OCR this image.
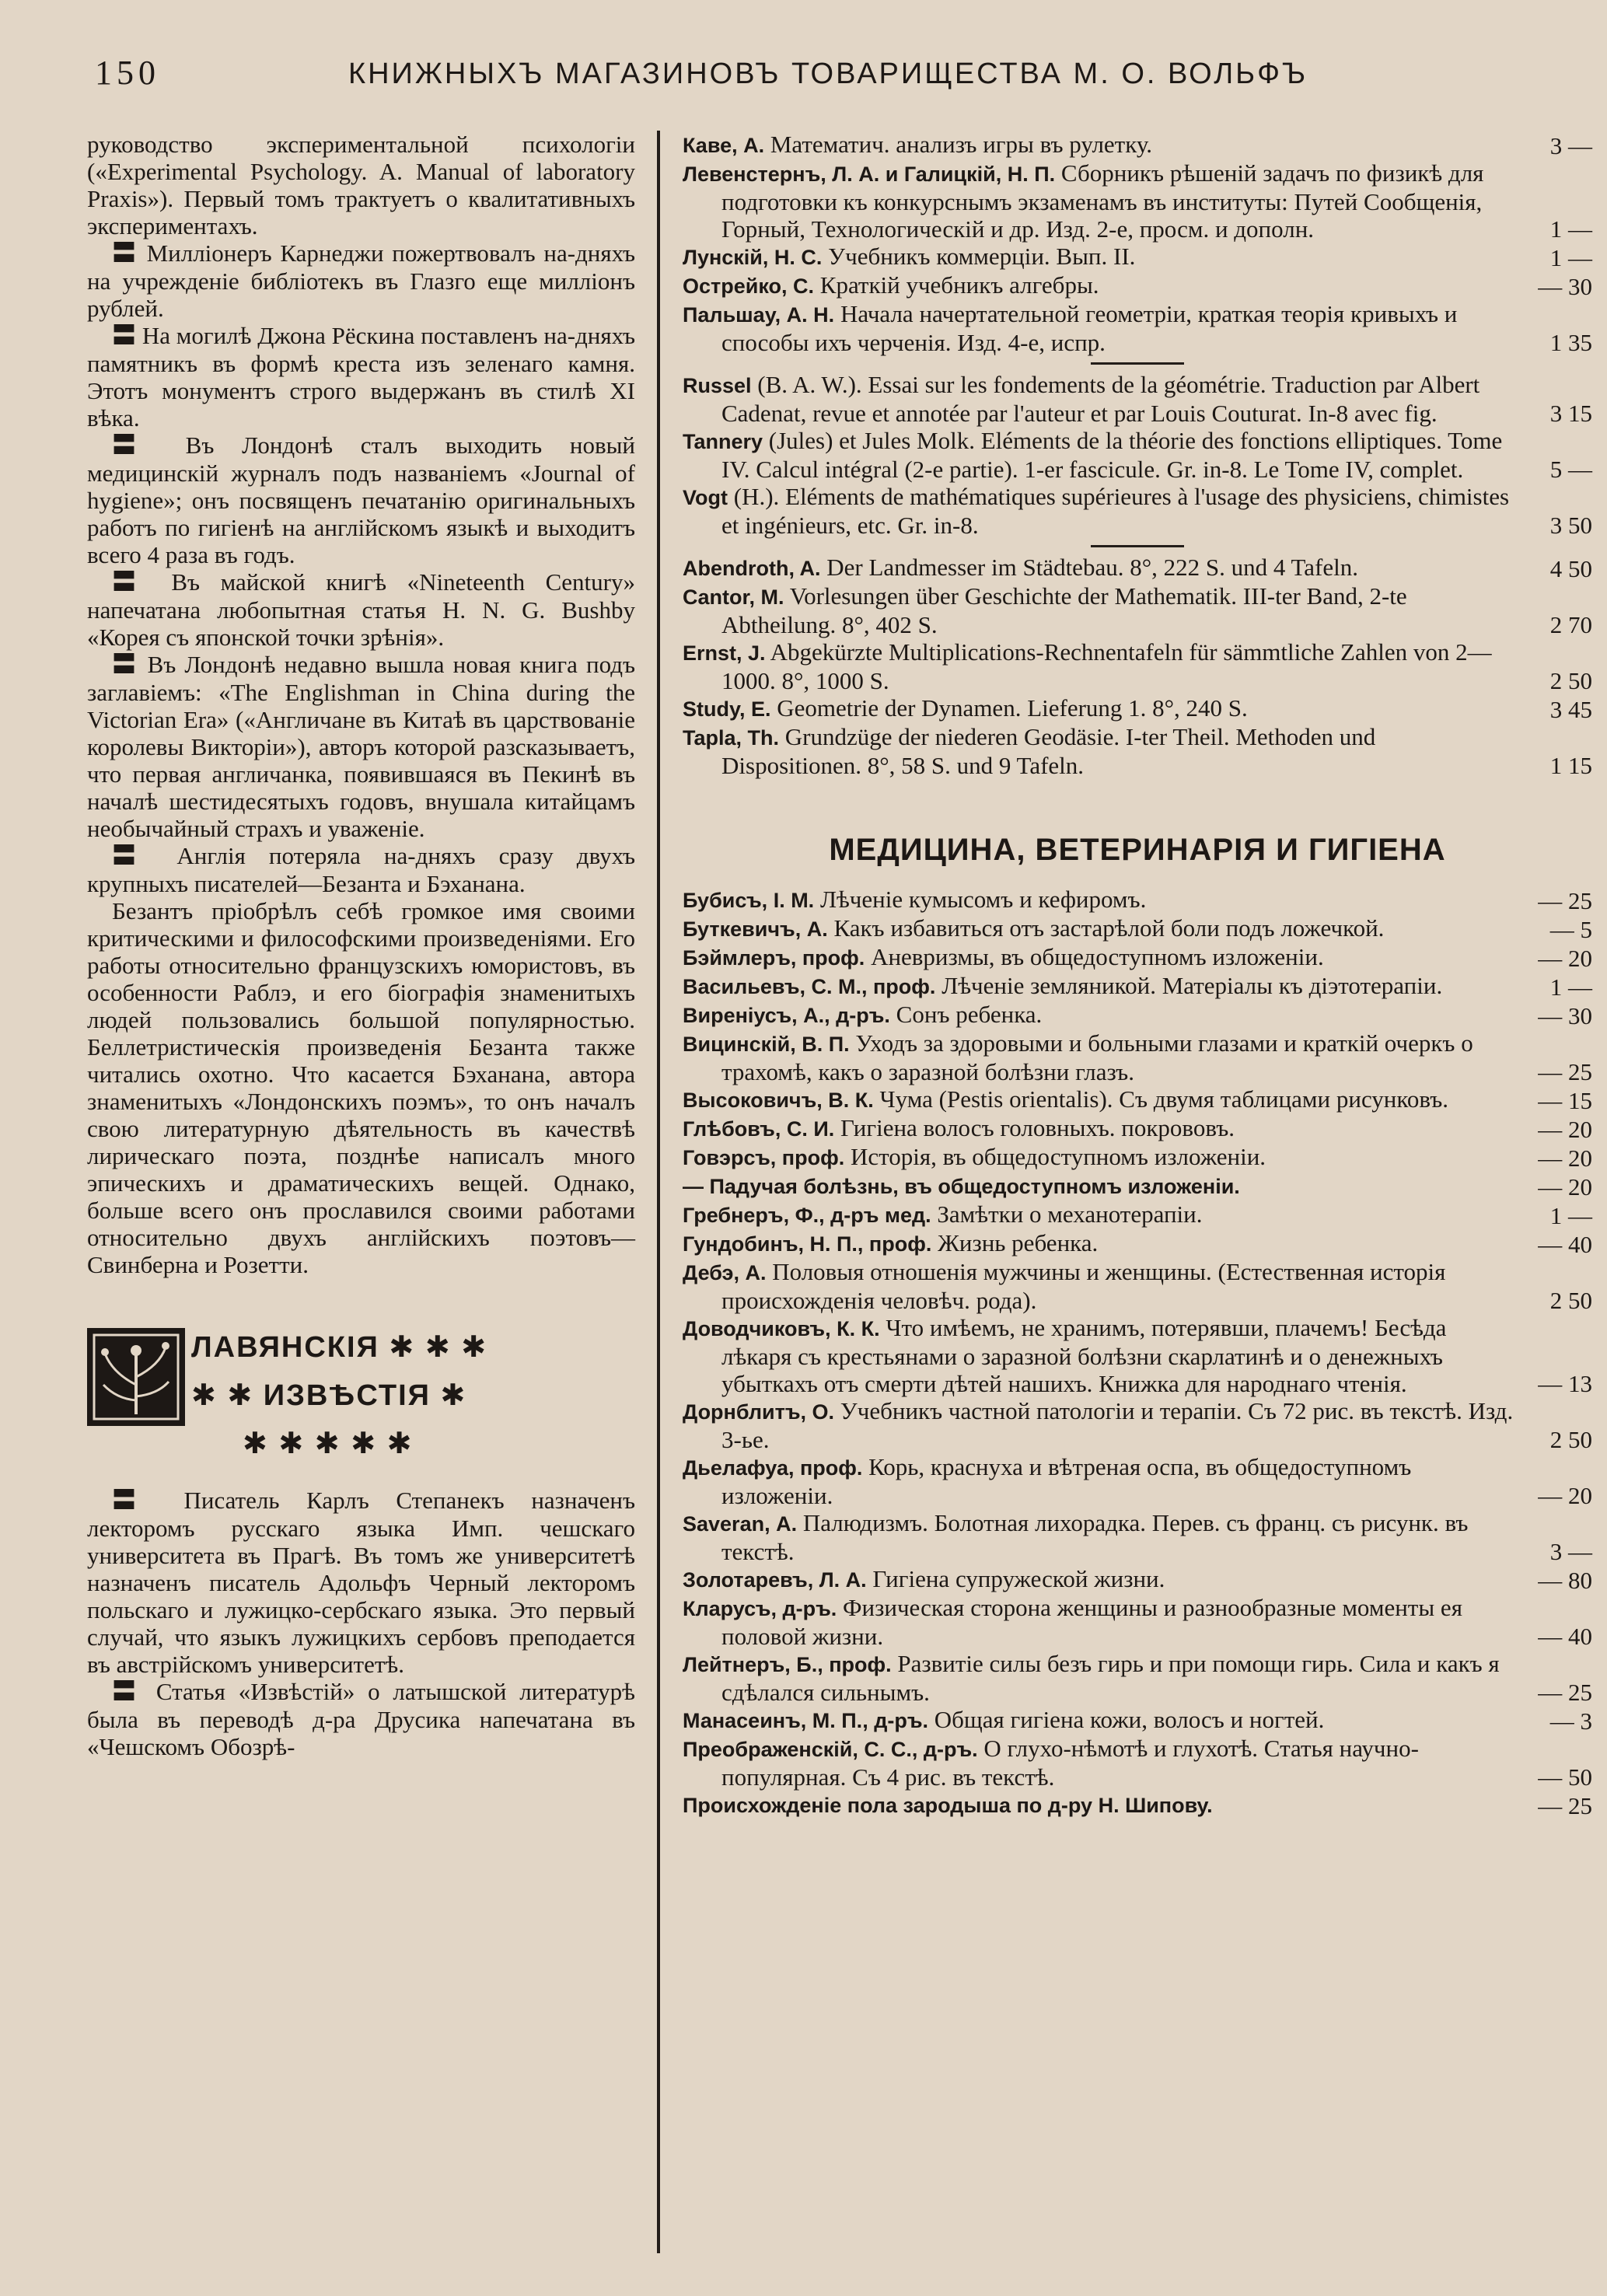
150	КНИЖНЫХЪ МАГАЗИНОВЪ ТОВАРИЩЕСТВА М. О. ВОЛЬФЪ

руководство экспериментальной психологіи («Experimental Psychology. A. Manual of laboratory Praxis»). Первый томъ трактуетъ о квалитативныхъ экспериментахъ.

〓 Милліонеръ Карнеджи пожертвовалъ на-дняхъ на учрежденіе библіотекъ въ Глазго еще милліонъ рублей.

〓 На могилѣ Джона Рёскина поставленъ на-дняхъ памятникъ въ формѣ креста изъ зеленаго камня. Этотъ монументъ строго выдержанъ въ стилѣ XI вѣка.

〓 Въ Лондонѣ сталъ выходить новый медицинскій журналъ подъ названіемъ «Journal of hygiene»; онъ посвященъ печатанію оригинальныхъ работъ по гигіенѣ на англійскомъ языкѣ и выходитъ всего 4 раза въ годъ.

〓 Въ майской книгѣ «Nineteenth Century» напечатана любопытная статья H. N. G. Bushby «Корея съ японской точки зрѣнія».

〓 Въ Лондонѣ недавно вышла новая книга подъ заглавіемъ: «The Englishman in China during the Victorian Era» («Англичане въ Китаѣ въ царствованіе королевы Викторіи»), авторъ которой разсказываетъ, что первая англичанка, появившаяся въ Пекинѣ въ началѣ шестидесятыхъ годовъ, внушала китайцамъ необычайный страхъ и уваженіе.

〓 Англія потеряла на-дняхъ сразу двухъ крупныхъ писателей—Безанта и Бэханана.

Безантъ пріобрѣлъ себѣ громкое имя своими критическими и философскими произведеніями. Его работы относительно французскихъ юмористовъ, въ особенности Раблэ, и его біографія знаменитыхъ людей пользовались большой популярностью. Беллетристическія произведенія Безанта также читались охотно. Что касается Бэханана, автора знаменитыхъ «Лондонскихъ поэмъ», то онъ началъ свою литературную дѣятельность въ качествѣ лирическаго поэта, позднѣе написалъ много эпическихъ и драматическихъ вещей. Однако, больше всего онъ прославился своими работами относительно двухъ англійскихъ поэтовъ—Свинберна и Розетти.

ЛАВЯНСКІЯ ✱ ✱ ✱
✱ ✱ ИЗВѢСТІЯ ✱
✱ ✱ ✱ ✱ ✱

〓 Писатель Карлъ Степанекъ назначенъ лекторомъ русскаго языка Имп. чешскаго университета въ Прагѣ. Въ томъ же университетѣ назначенъ писатель Адольфъ Черный лекторомъ польскаго и лужицко-сербскаго языка. Это первый случай, что языкъ лужицкихъ сербовъ преподается въ австрійскомъ университетѣ.

〓 Статья «Извѣстій» о латышской литературѣ была въ переводѣ д-ра Друсика напечатана въ «Чешскомъ Обозрѣ-

Каве, А. Математич. анализъ игры въ рулетку.	3 —
Левенстернъ, Л. А. и Галицкій, Н. П. Сборникъ рѣшеній задачъ по физикѣ для подготовки къ конкурснымъ экзаменамъ въ институты: Путей Сообщенія, Горный, Технологическій и др. Изд. 2-е, просм. и дополн.	1 —
Лунскій, Н. С. Учебникъ коммерціи. Вып. II.	1 —
Острейко, С. Краткій учебникъ алгебры.	— 30
Пальшау, А. Н. Начала начертательной геометріи, краткая теорія кривыхъ и способы ихъ черченія. Изд. 4-е, испр.	1 35
Russel (B. A. W.). Essai sur les fondements de la géométrie. Traduction par Albert Cadenat, revue et annotée par l'auteur et par Louis Couturat. In-8 avec fig.	3 15
Tannery (Jules) et Jules Molk. Eléments de la théorie des fonctions elliptiques. Tome IV. Calcul intégral (2-e partie). 1-er fascicule. Gr. in-8. Le Tome IV, complet.	5 —
Vogt (H.). Eléments de mathématiques supérieures à l'usage des physiciens, chimistes et ingénieurs, etc. Gr. in-8.	3 50
Abendroth, A. Der Landmesser im Städtebau. 8°, 222 S. und 4 Tafeln.	4 50
Cantor, M. Vorlesungen über Geschichte der Mathematik. III-ter Band, 2-te Abtheilung. 8°, 402 S.	2 70
Ernst, J. Abgekürzte Multiplications-Rechnentafeln für sämmtliche Zahlen von 2—1000. 8°, 1000 S.	2 50
Study, E. Geometrie der Dynamen. Lieferung 1. 8°, 240 S.	3 45
Tapla, Th. Grundzüge der niederen Geodäsie. I-ter Theil. Methoden und Dispositionen. 8°, 58 S. und 9 Tafeln.	1 15
МЕДИЦИНА, ВЕТЕРИНАРІЯ И ГИГІЕНА
Бубисъ, I. M. Лѣченіе кумысомъ и кефиромъ.	— 25
Буткевичъ, А. Какъ избавиться отъ застарѣлой боли подъ ложечкой.	— 5
Бэймлеръ, проф. Аневризмы, въ общедоступномъ изложеніи.	— 20
Васильевъ, С. М., проф. Лѣченіе земляникой. Матеріалы къ діэтотерапіи.	1 —
Виреніусъ, А., д-ръ. Сонъ ребенка.	— 30
Вицинскій, В. П. Уходъ за здоровыми и больными глазами и краткій очеркъ о трахомѣ, какъ о заразной болѣзни глазъ.	— 25
Высоковичъ, В. К. Чума (Pestis orientalis). Съ двумя таблицами рисунковъ.	— 15
Глѣбовъ, С. И. Гигіена волосъ головныхъ. покрововъ.	— 20
Говэрсъ, проф. Исторія, въ общедоступномъ изложеніи.	— 20
— Падучая болѣзнь, въ общедоступномъ изложеніи.	— 20
Гребнеръ, Ф., д-ръ мед. Замѣтки о механотерапіи.	1 —
Гундобинъ, Н. П., проф. Жизнь ребенка.	— 40
Дебэ, А. Половыя отношенія мужчины и женщины. (Естественная исторія происхожденія человѣч. рода).	2 50
Доводчиковъ, К. К. Что имѣемъ, не хранимъ, потерявши, плачемъ! Бесѣда лѣкаря съ крестьянами о заразной болѣзни скарлатинѣ и о денежныхъ убыткахъ отъ смерти дѣтей нашихъ. Книжка для народнаго чтенія.	— 13
Дорнблитъ, О. Учебникъ частной патологіи и терапіи. Съ 72 рис. въ текстѣ. Изд. 3-ье.	2 50
Дьелафуа, проф. Корь, краснуха и вѣтреная оспа, въ общедоступномъ изложеніи.	— 20
Saveran, А. Палюдизмъ. Болотная лихорадка. Перев. съ франц. съ рисунк. въ текстѣ.	3 —
Золотаревъ, Л. А. Гигіена супружеской жизни.	— 80
Кларусъ, д-ръ. Физическая сторона женщины и разнообразные моменты ея половой жизни.	— 40
Лейтнеръ, Б., проф. Развитіе силы безъ гирь и при помощи гирь. Сила и какъ я сдѣлался сильнымъ.	— 25
Манасеинъ, М. П., д-ръ. Общая гигіена кожи, волосъ и ногтей.	— 3
Преображенскій, С. С., д-ръ. О глухо-нѣмотѣ и глухотѣ. Статья научно-популярная. Съ 4 рис. въ текстѣ.	— 50
Происхожденіе пола зародыша по д-ру Н. Шипову.	— 25
